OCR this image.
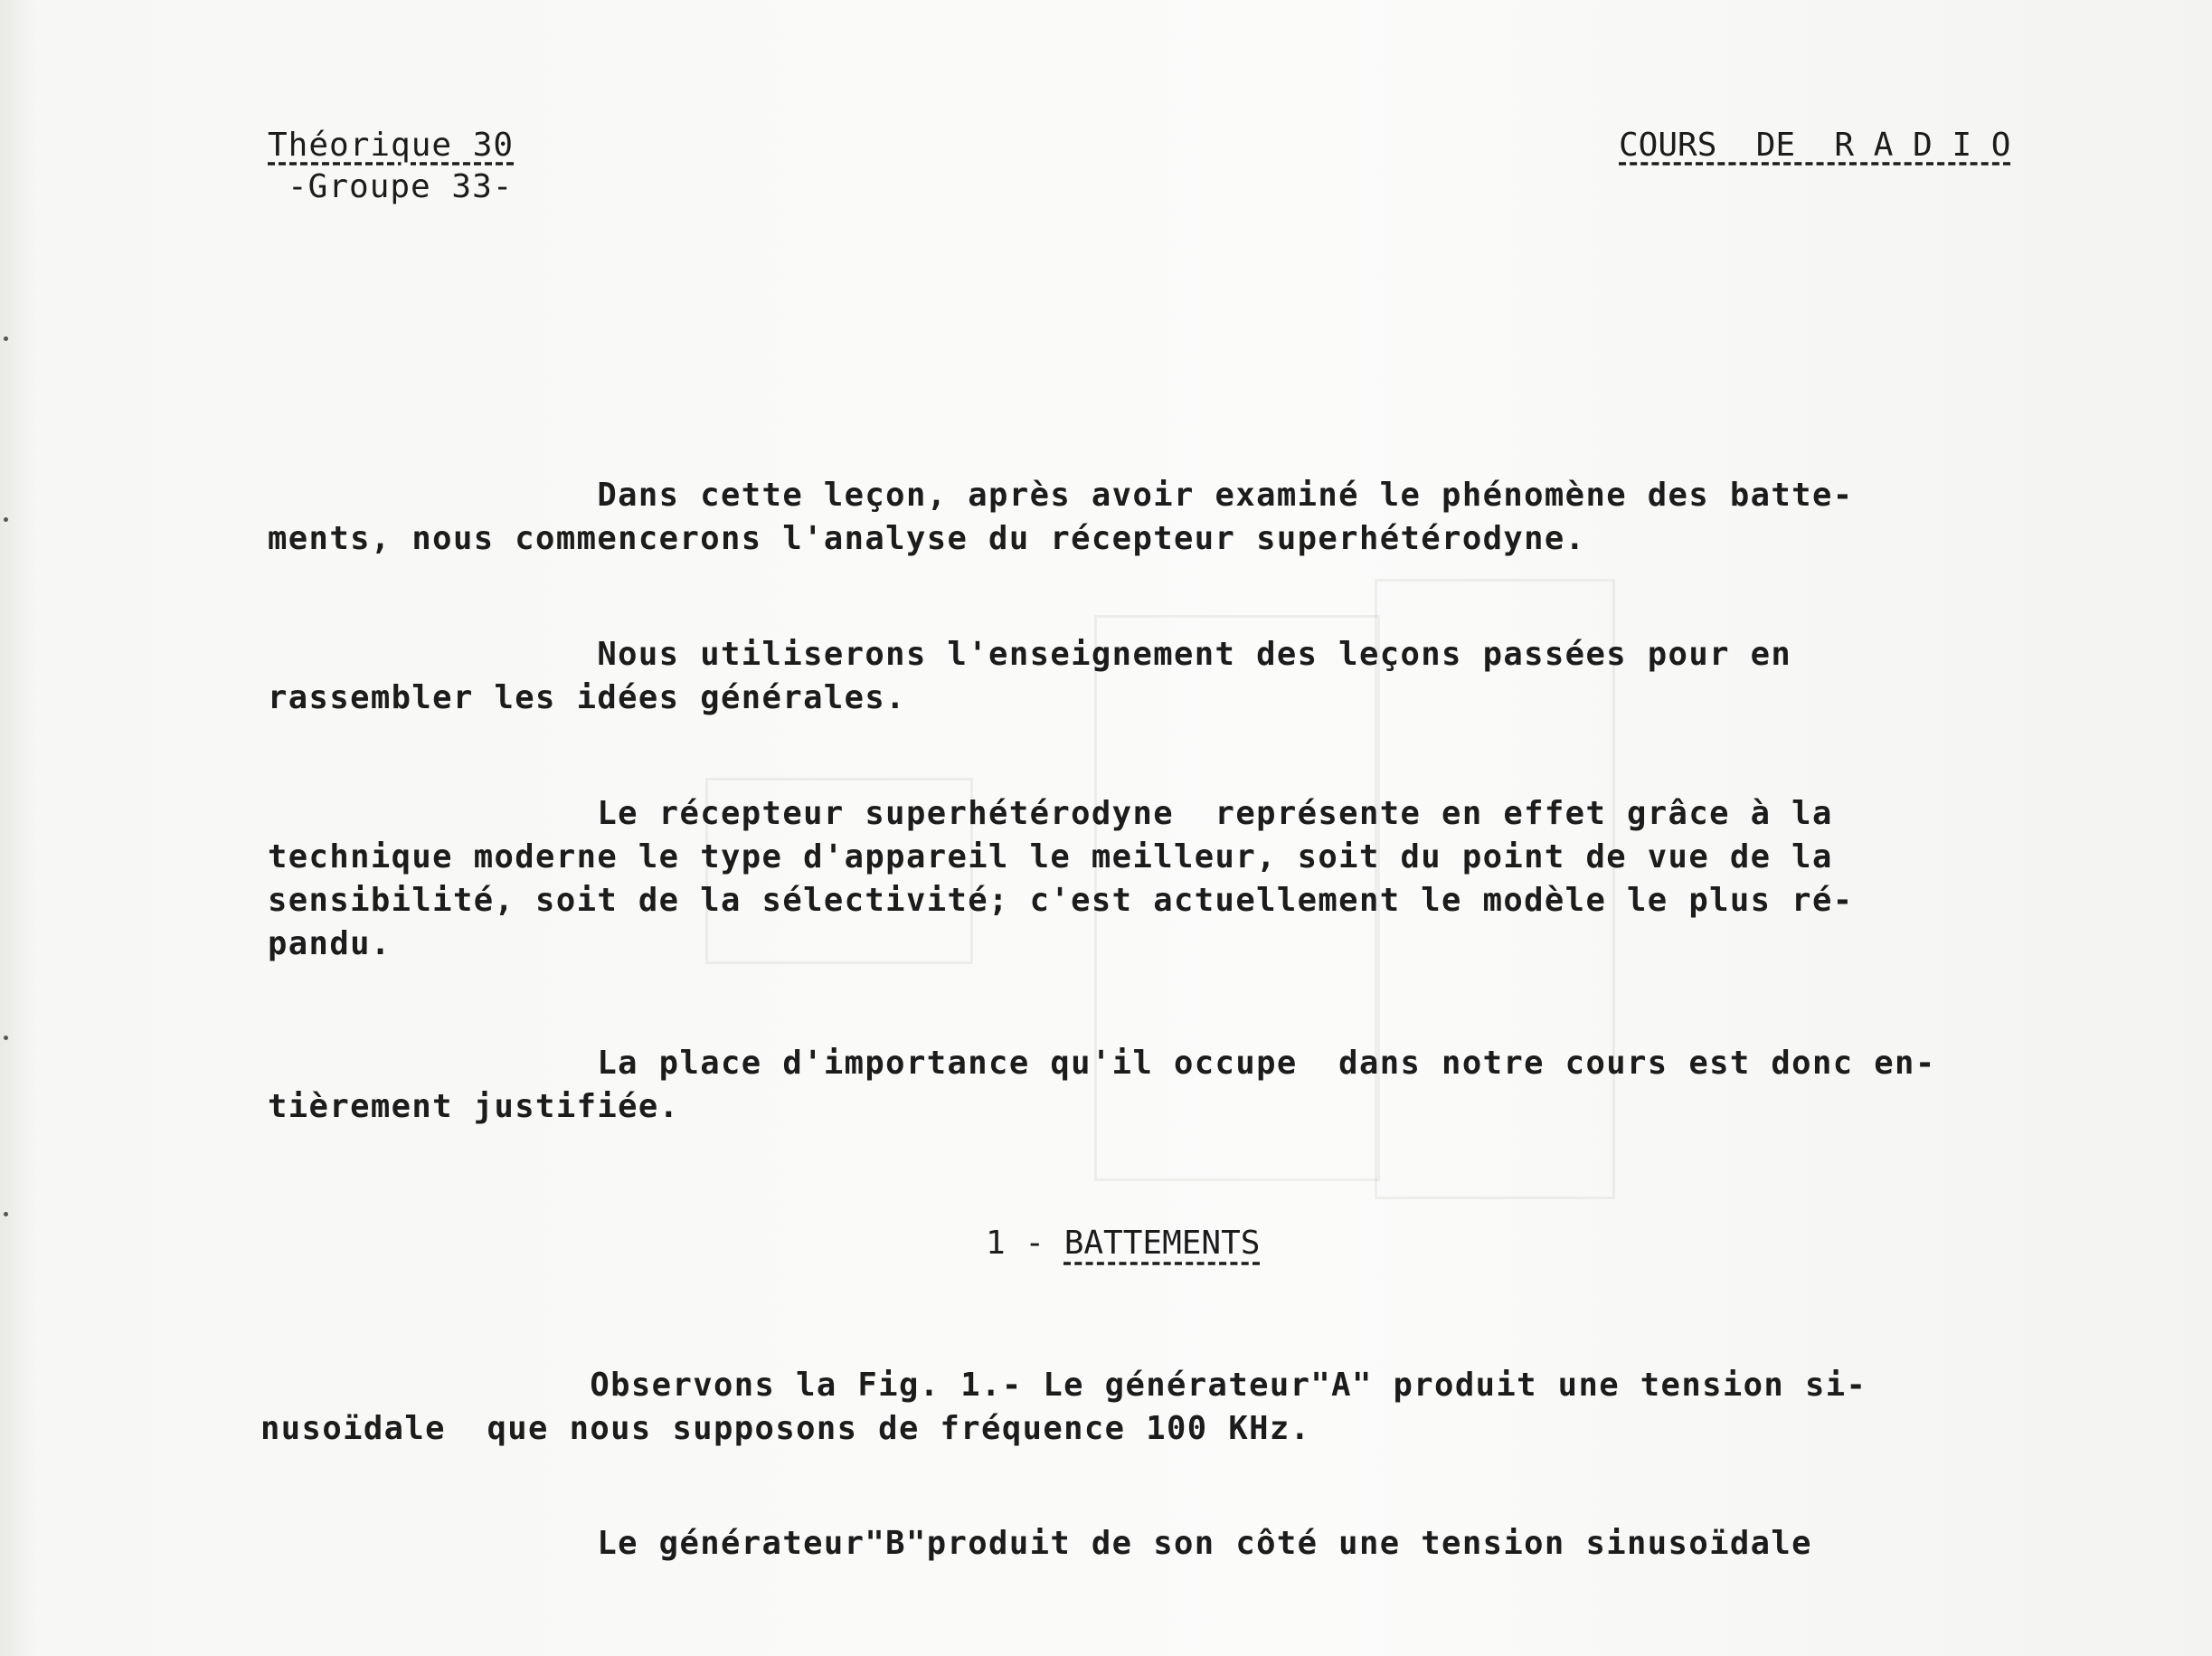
Théorique 30
-Groupe 33-
COURS  DE  R A D I O
Dans cette leçon, après avoir examiné le phénomène des batte-
ments, nous commencerons l'analyse du récepteur superhétérodyne.
Nous utiliserons l'enseignement des leçons passées pour en
rassembler les idées générales.
Le récepteur superhétérodyne  représente en effet grâce à la
technique moderne le type d'appareil le meilleur, soit du point de vue de la
sensibilité, soit de la sélectivité; c'est actuellement le modèle le plus ré-
pandu.
La place d'importance qu'il occupe  dans notre cours est donc en-
tièrement justifiée.
1 - BATTEMENTS
Observons la Fig. 1.- Le générateur"A" produit une tension si-
nusoïdale  que nous supposons de fréquence 100 KHz.
Le générateur"B"produit de son côté une tension sinusoïdale
